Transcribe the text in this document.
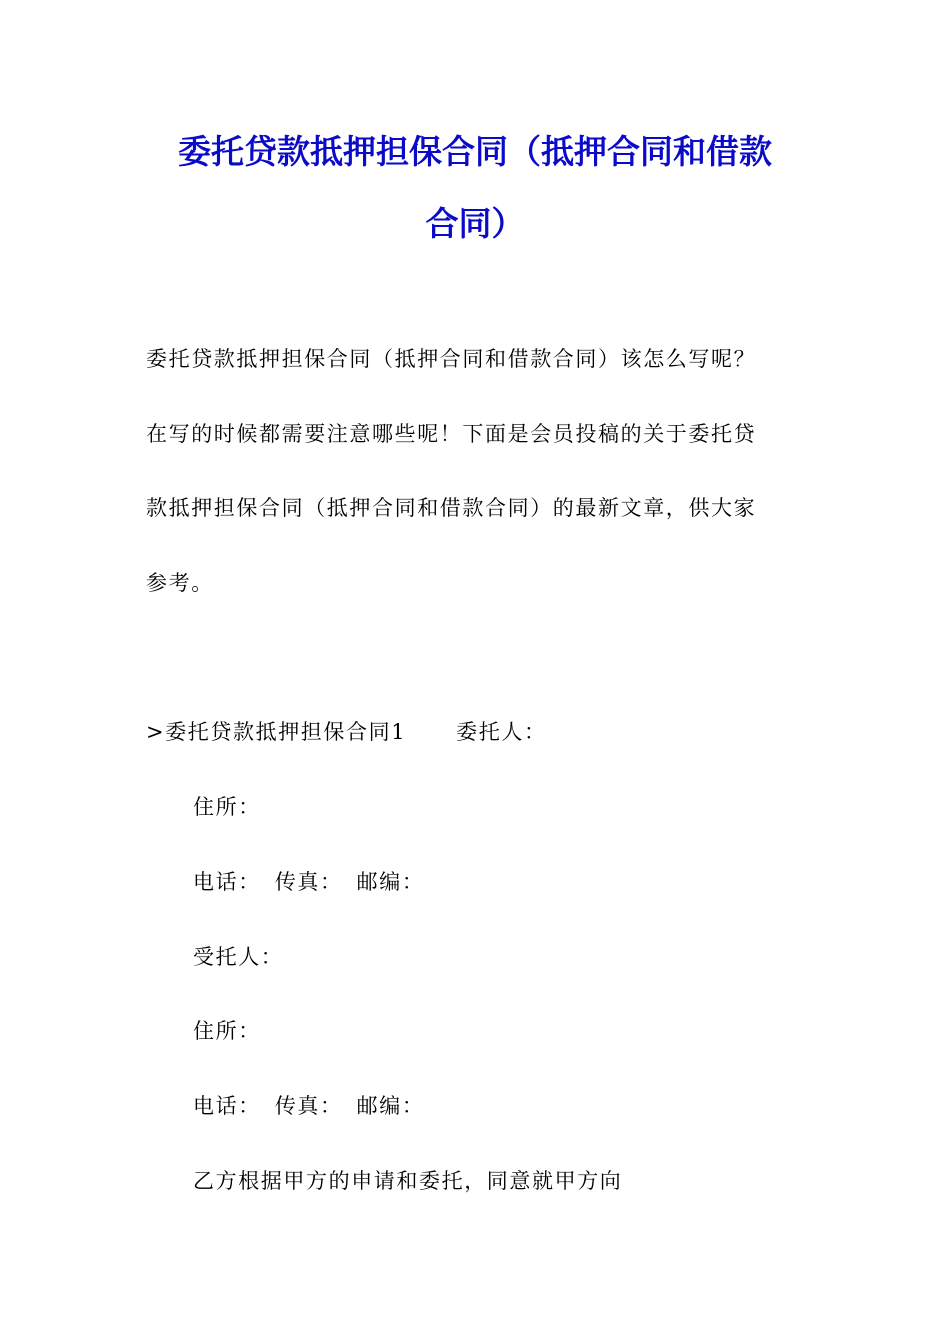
委托贷款抵押担保合同（抵押合同和借款
合同）
委托贷款抵押担保合同（抵押合同和借款合同）该怎么写呢？
在写的时候都需要注意哪些呢！下面是会员投稿的关于委托贷
款抵押担保合同（抵押合同和借款合同）的最新文章，供大家
参考。
>委托贷款抵押担保合同1 委托人：
住所：
电话： 传真： 邮编：
受托人：
住所：
电话： 传真： 邮编：
乙方根据甲方的申请和委托，同意就甲方向
